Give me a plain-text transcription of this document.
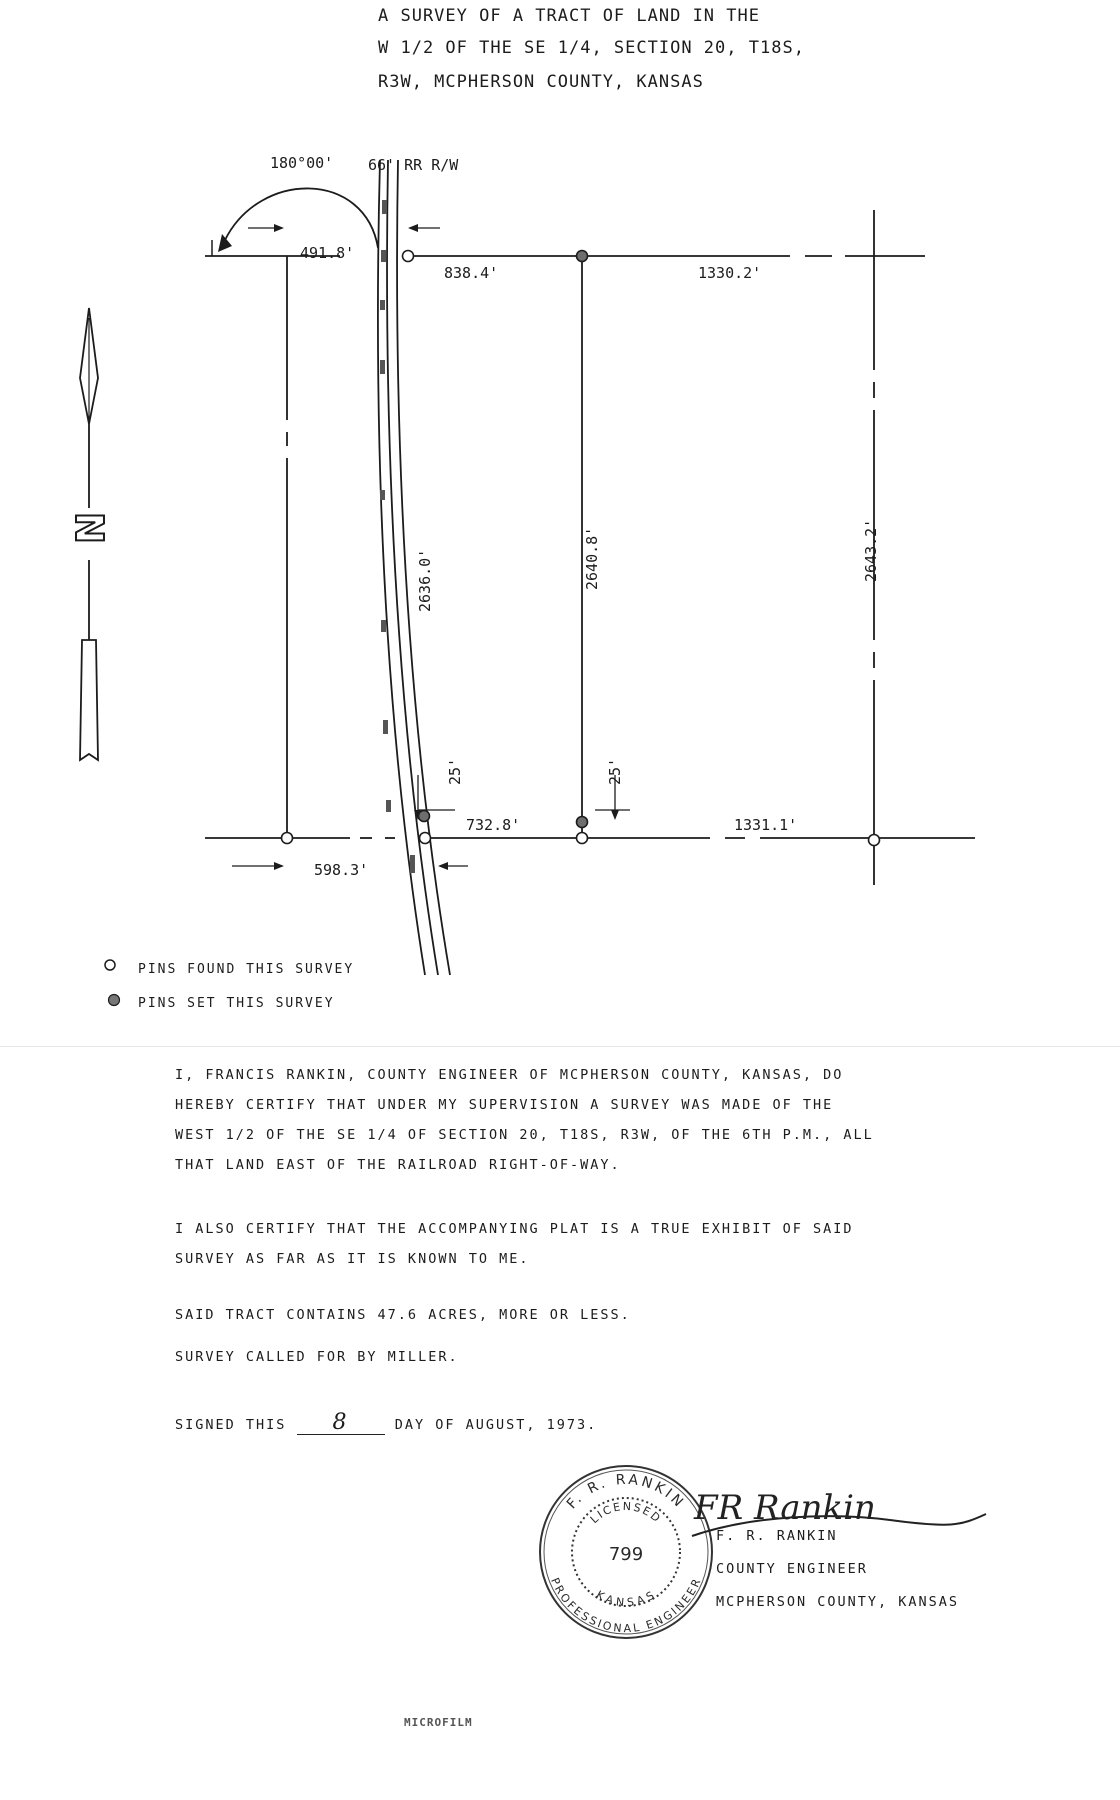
A SURVEY OF A TRACT OF LAND IN THE
W 1/2 OF THE SE 1/4, SECTION 20, T18S,
R3W, MCPHERSON COUNTY, KANSAS
180°00' 66' RR R/W
491.8'
838.4'	1330.2'
2636.0'	2640.8'	2643.2'
25'	25'
732.8'	1331.1'
598.3'
N
PINS FOUND THIS SURVEY
PINS SET THIS SURVEY
I, FRANCIS RANKIN, COUNTY ENGINEER OF MCPHERSON COUNTY, KANSAS, DO
HEREBY CERTIFY THAT UNDER MY SUPERVISION A SURVEY WAS MADE OF THE
WEST 1/2 OF THE SE 1/4 OF SECTION 20, T18S, R3W, OF THE 6TH P.M., ALL
THAT LAND EAST OF THE RAILROAD RIGHT-OF-WAY.
I ALSO CERTIFY THAT THE ACCOMPANYING PLAT IS A TRUE EXHIBIT OF SAID
SURVEY AS FAR AS IT IS KNOWN TO ME.
SAID TRACT CONTAINS 47.6 ACRES, MORE OR LESS.
SURVEY CALLED FOR BY MILLER.
SIGNED THIS 8	DAY OF AUGUST, 1973.
F. R. RANKIN
PROFESSIONAL ENGINEER
LICENSED
KANSAS
799
FR Rankin
F. R. RANKIN
COUNTY ENGINEER
MCPHERSON COUNTY, KANSAS
MICROFILM
